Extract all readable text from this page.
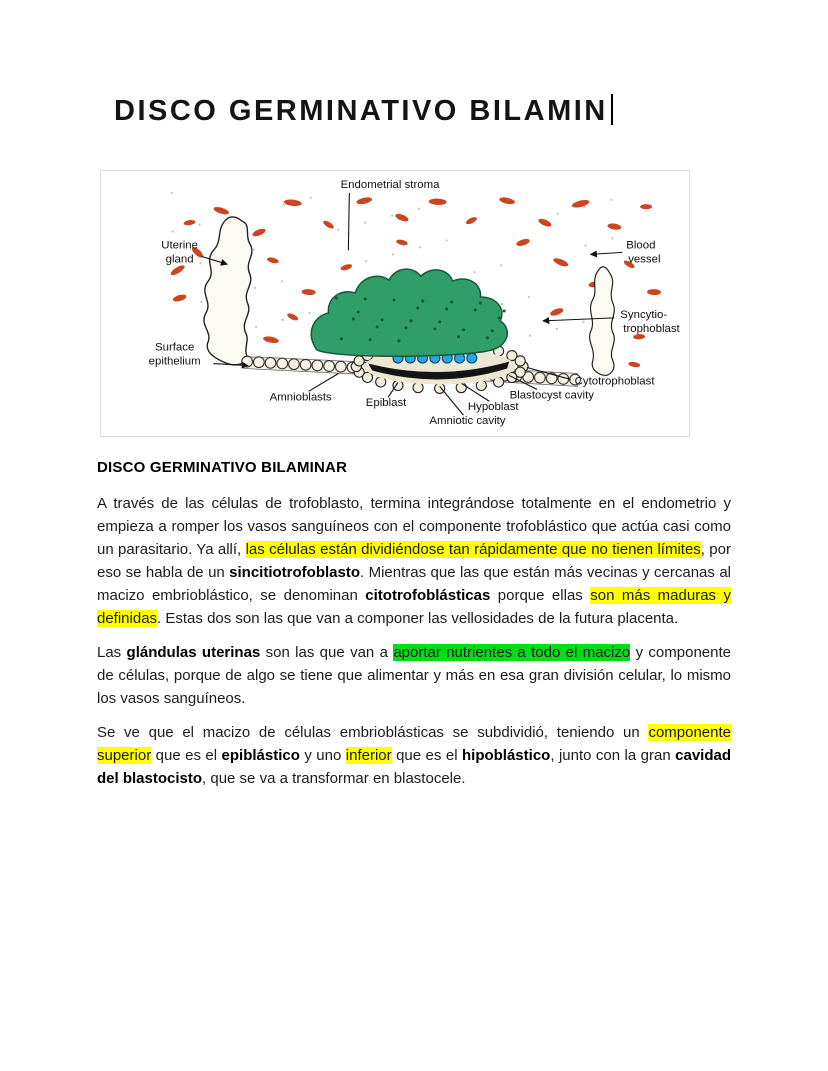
DISCO GERMINATIVO BILAMIN
Endometrial stroma
Uterine
gland
Blood
vessel
Syncytio-
trophoblast
Surface
epithelium
Cytotrophoblast
Amnioblasts	Epiblast
Blastocyst cavity
Hypoblast
Amniotic cavity
DISCO GERMINATIVO BILAMINAR

A través de las células de trofoblasto, termina integrándose totalmente en el endometrio y empieza a romper los vasos sanguíneos con el componente trofoblástico que actúa casi como un parasitario. Ya allí, las células están dividiéndose tan rápidamente que no tienen límites, por eso se habla de un sincitiotrofoblasto. Mientras que las que están más vecinas y cercanas al macizo embrioblástico, se denominan citotrofoblásticas porque ellas son más maduras y definidas. Estas dos son las que van a componer las vellosidades de la futura placenta.

Las glándulas uterinas son las que van a aportar nutrientes a todo el macizo y componente de células, porque de algo se tiene que alimentar y más en esa gran división celular, lo mismo los vasos sanguíneos.

Se ve que el macizo de células embrioblásticas se subdividió, teniendo un componente superior que es el epiblástico y uno inferior que es el hipoblástico, junto con la gran cavidad del blastocisto, que se va a transformar en blastocele.
